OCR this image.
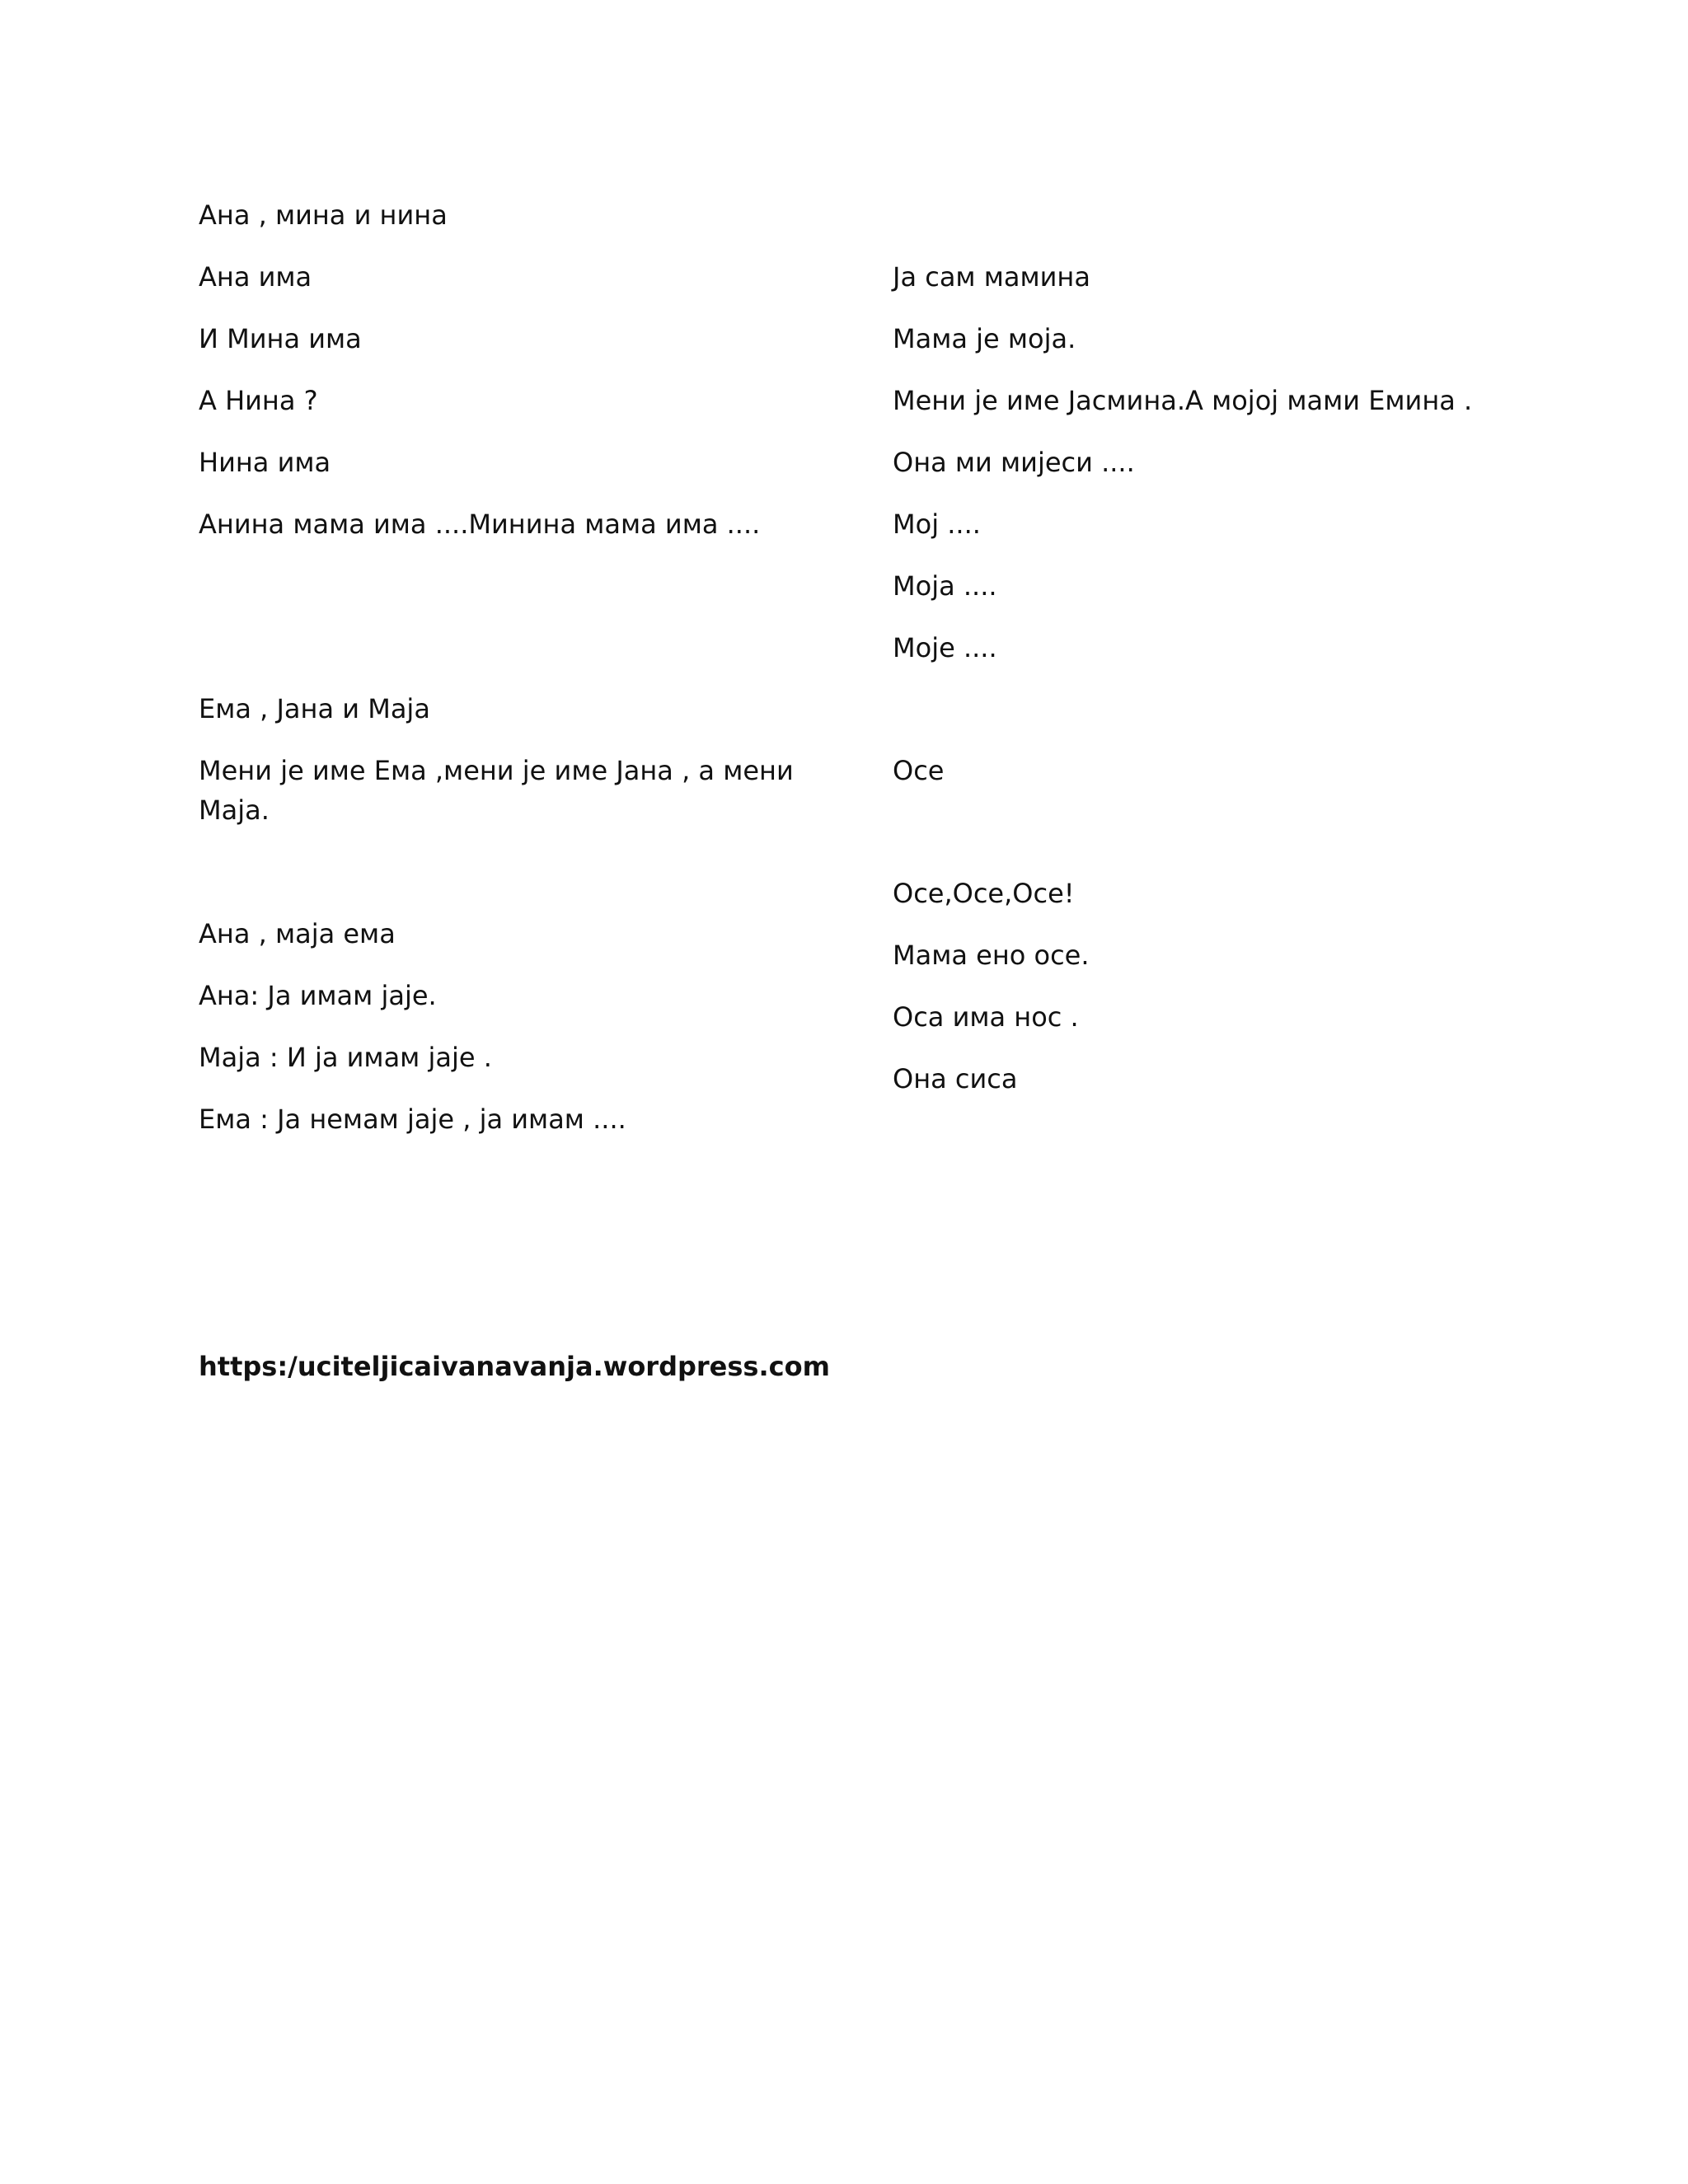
Ана , мина и нина
Ана има
И Мина има
А Нина ?
Нина има
Анина мама има ....Минина мама има ....
Ема , Јана и Маја
Мени је име Ема ,мени је име Јана , а мени Маја.
Ана , маја ема
Ана: Ја имам јаје.
Маја : И ја имам јаје .
Ема : Ја немам јаје , ја имам ....
Ја сам мамина
Мама је моја.
Мени је име Јасмина.А мојој мами Емина .
Она ми мијеси ....
Мој ....
Моја ....
Моје ....
Осе
Осе,Осе,Осе!
Мама ено осе.
Оса има нос .
Она сиса
https:/uciteljicaivanavanja.wordpress.com
